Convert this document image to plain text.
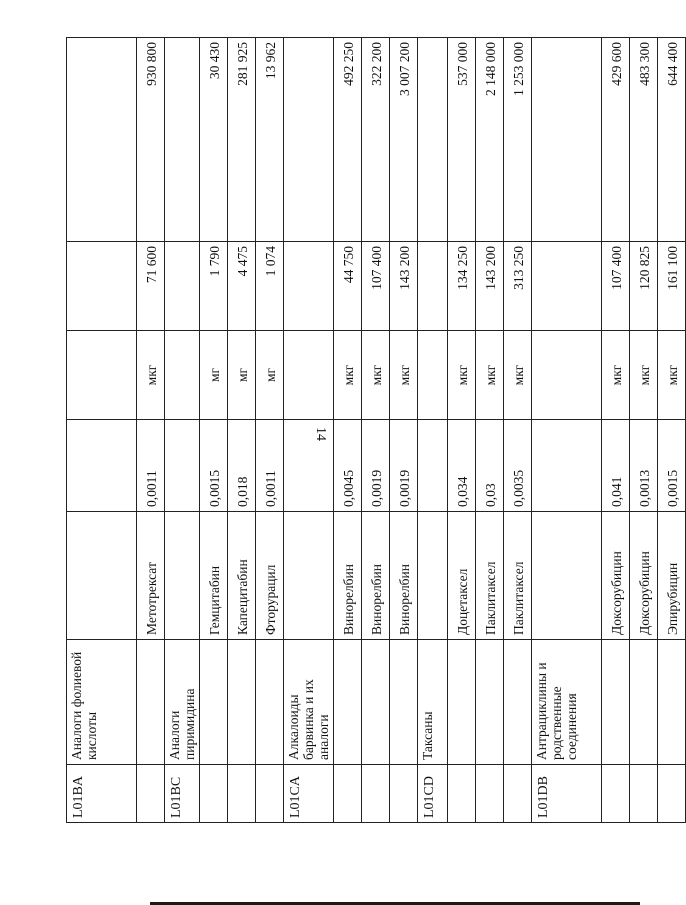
14
L01BA	Аналоги фолиевой кислоты					
		Метотрексат	0,0011	мкг	71 600	930 800
L01BC	Аналоги пиримидина					
		Гемцитабин	0,0015	мг	1 790	30 430
		Капецитабин	0,018	мг	4 475	281 925
		Фторурацил	0,0011	мг	1 074	13 962
L01CA	Алкалоиды барвинка и их аналоги					
		Винорелбин	0,0045	мкг	44 750	492 250
		Винорелбин	0,0019	мкг	107 400	322 200
		Винорелбин	0,0019	мкг	143 200	3 007 200
L01CD	Таксаны					
		Доцетаксел	0,034	мкг	134 250	537 000
		Паклитаксел	0,03	мкг	143 200	2 148 000
		Паклитаксел	0,0035	мкг	313 250	1 253 000
L01DB	Антрациклины и родственные соединения					
		Доксорубицин	0,041	мкг	107 400	429 600
		Доксорубицин	0,0013	мкг	120 825	483 300
		Эпирубицин	0,0015	мкг	161 100	644 400
